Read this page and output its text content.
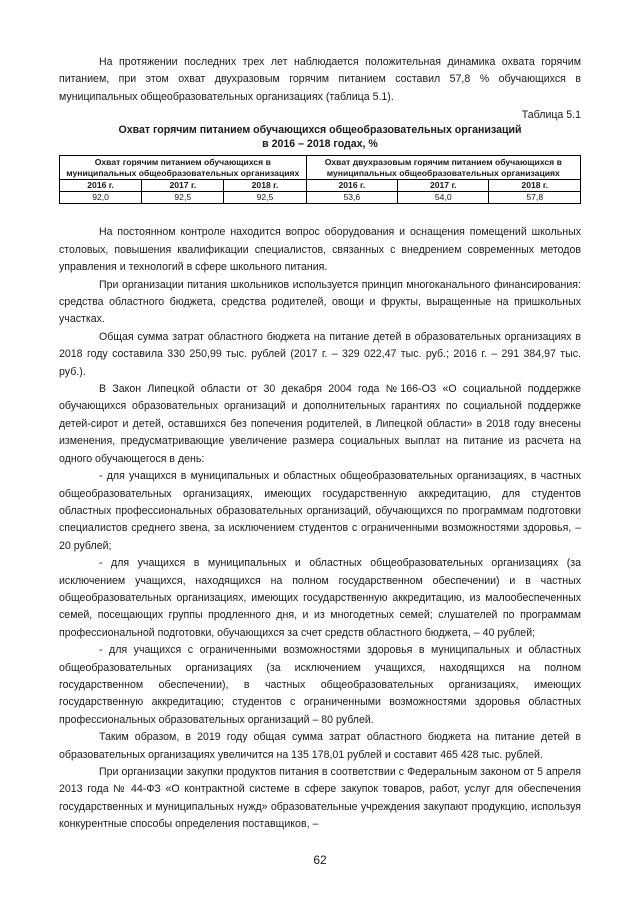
На протяжении последних трех лет наблюдается положительная динамика охвата горячим питанием, при этом охват двухразовым горячим питанием составил 57,8 % обучающихся в муниципальных общеобразовательных организациях (таблица 5.1).

Таблица 5.1

Охват горячим питанием обучающихся общеобразовательных организаций

в 2016 – 2018 годах, %

Охват горячим питанием обучающихся в муниципальных общеобразовательных организациях			Охват двухразовым горячим питанием обучающихся в муниципальных общеобразовательных организациях		
2016 г.	2017 г.	2018 г.	2016 г.	2017 г.	2018 г.
92,0	92,5	92,5	53,6	54,0	57,8

На постоянном контроле находится вопрос оборудования и оснащения помещений школьных столовых, повышения квалификации специалистов, связанных с внедрением современных методов управления и технологий в сфере школьного питания.

При организации питания школьников используется принцип многоканального финансирования: средства областного бюджета, средства родителей, овощи и фрукты, выращенные на пришкольных участках.

Общая сумма затрат областного бюджета на питание детей в образовательных организациях в 2018 году составила 330 250,99 тыс. рублей (2017 г. – 329 022,47 тыс. руб.; 2016 г. – 291 384,97 тыс. руб.).

В Закон Липецкой области от 30 декабря 2004 года №166-ОЗ «О социальной поддержке обучающихся образовательных организаций и дополнительных гарантиях по социальной поддержке детей-сирот и детей, оставшихся без попечения родителей, в Липецкой области» в 2018 году внесены изменения, предусматривающие увеличение размера социальных выплат на питание из расчета на одного обучающегося в день:

- для учащихся в муниципальных и областных общеобразовательных организациях, в частных общеобразовательных организациях, имеющих государственную аккредитацию, для студентов областных профессиональных образовательных организаций, обучающихся по программам подготовки специалистов среднего звена, за исключением студентов с ограниченными возможностями здоровья, – 20 рублей;

- для учащихся в муниципальных и областных общеобразовательных организациях (за исключением учащихся, находящихся на полном государственном обеспечении) и в частных общеобразовательных организациях, имеющих государственную аккредитацию, из малообеспеченных семей, посещающих группы продленного дня, и из многодетных семей; слушателей по программам профессиональной подготовки, обучающихся за счет средств областного бюджета, – 40 рублей;

- для учащихся с ограниченными возможностями здоровья в муниципальных и областных общеобразовательных организациях (за исключением учащихся, находящихся на полном государственном обеспечении), в частных общеобразовательных организациях, имеющих государственную аккредитацию; студентов с ограниченными возможностями здоровья областных профессиональных образовательных организаций – 80 рублей.

Таким образом, в 2019 году общая сумма затрат областного бюджета на питание детей в образовательных организациях увеличится на 135 178,01 рублей и составит 465 428 тыс. рублей.

При организации закупки продуктов питания в соответствии с Федеральным законом от 5 апреля 2013 года № 44-ФЗ «О контрактной системе в сфере закупок товаров, работ, услуг для обеспечения государственных и муниципальных нужд» образовательные учреждения закупают продукцию, используя конкурентные способы определения поставщиков, –

62
